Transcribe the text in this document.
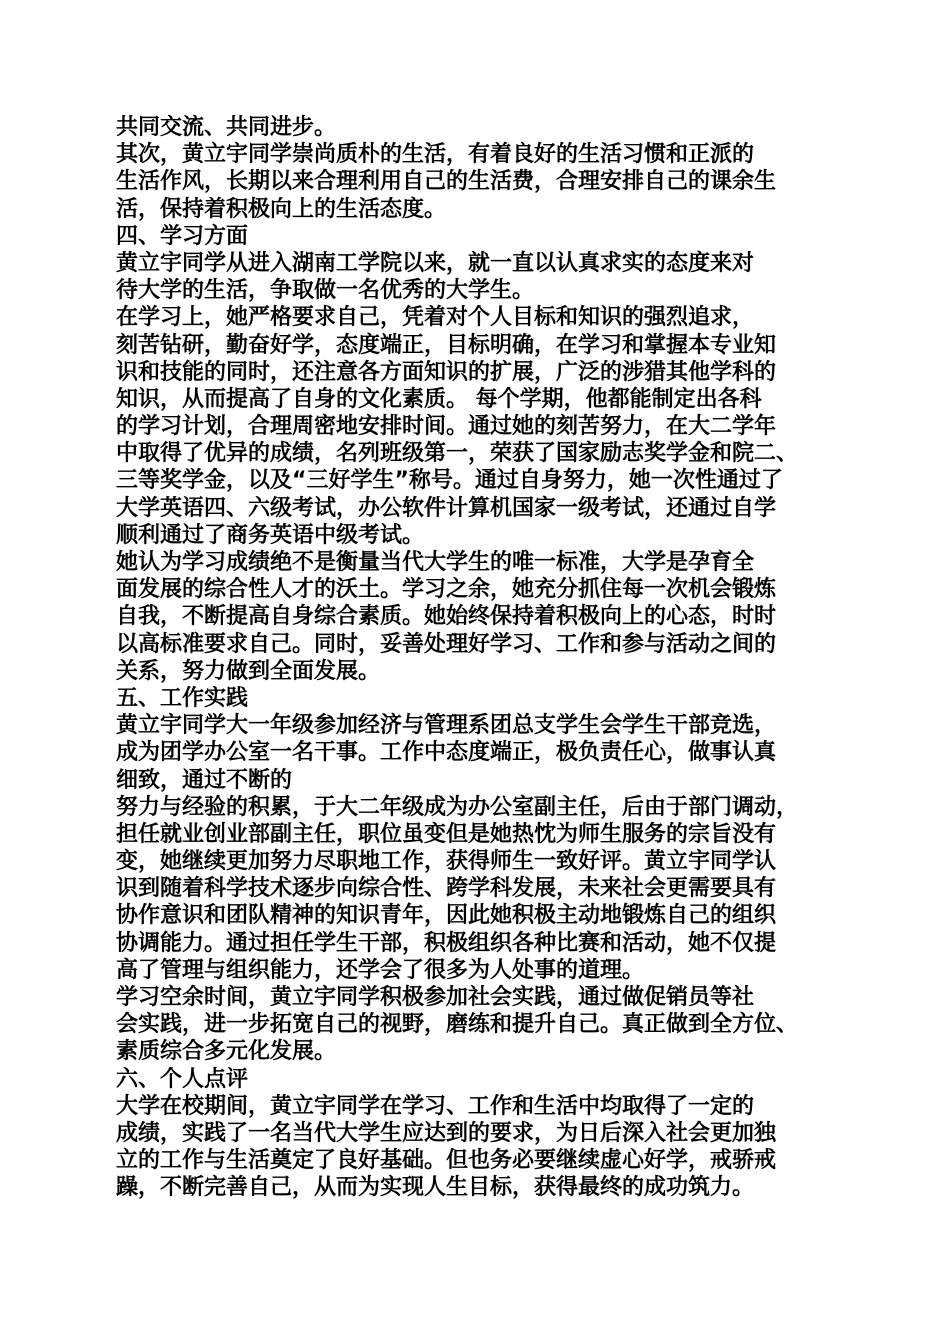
共同交流、共同进步。
其次，黄立宇同学崇尚质朴的生活，有着良好的生活习惯和正派的
生活作风，长期以来合理利用自己的生活费，合理安排自己的课余生
活，保持着积极向上的生活态度。
四、学习方面
黄立宇同学从进入湖南工学院以来，就一直以认真求实的态度来对
待大学的生活，争取做一名优秀的大学生。
在学习上，她严格要求自己，凭着对个人目标和知识的强烈追求，
刻苦钻研，勤奋好学，态度端正，目标明确，在学习和掌握本专业知
识和技能的同时，还注意各方面知识的扩展，广泛的涉猎其他学科的
知识，从而提高了自身的文化素质。 每个学期，他都能制定出各科
的学习计划，合理周密地安排时间。通过她的刻苦努力，在大二学年
中取得了优异的成绩，名列班级第一，荣获了国家励志奖学金和院二、
三等奖学金，以及“三好学生”称号。通过自身努力，她一次性通过了
大学英语四、六级考试，办公软件计算机国家一级考试，还通过自学
顺利通过了商务英语中级考试。
她认为学习成绩绝不是衡量当代大学生的唯一标准，大学是孕育全
面发展的综合性人才的沃土。学习之余，她充分抓住每一次机会锻炼
自我，不断提高自身综合素质。她始终保持着积极向上的心态，时时
以高标准要求自己。同时，妥善处理好学习、工作和参与活动之间的
关系，努力做到全面发展。
五、工作实践
黄立宇同学大一年级参加经济与管理系团总支学生会学生干部竞选，
成为团学办公室一名干事。工作中态度端正，极负责任心，做事认真
细致，通过不断的
努力与经验的积累，于大二年级成为办公室副主任，后由于部门调动，
担任就业创业部副主任，职位虽变但是她热忱为师生服务的宗旨没有
变，她继续更加努力尽职地工作，获得师生一致好评。黄立宇同学认
识到随着科学技术逐步向综合性、跨学科发展，未来社会更需要具有
协作意识和团队精神的知识青年，因此她积极主动地锻炼自己的组织
协调能力。通过担任学生干部，积极组织各种比赛和活动，她不仅提
高了管理与组织能力，还学会了很多为人处事的道理。
学习空余时间，黄立宇同学积极参加社会实践，通过做促销员等社
会实践，进一步拓宽自己的视野，磨练和提升自己。真正做到全方位、
素质综合多元化发展。
六、个人点评
大学在校期间，黄立宇同学在学习、工作和生活中均取得了一定的
成绩，实践了一名当代大学生应达到的要求，为日后深入社会更加独
立的工作与生活奠定了良好基础。但也务必要继续虚心好学，戒骄戒
躁，不断完善自己，从而为实现人生目标，获得最终的成功筑力。
